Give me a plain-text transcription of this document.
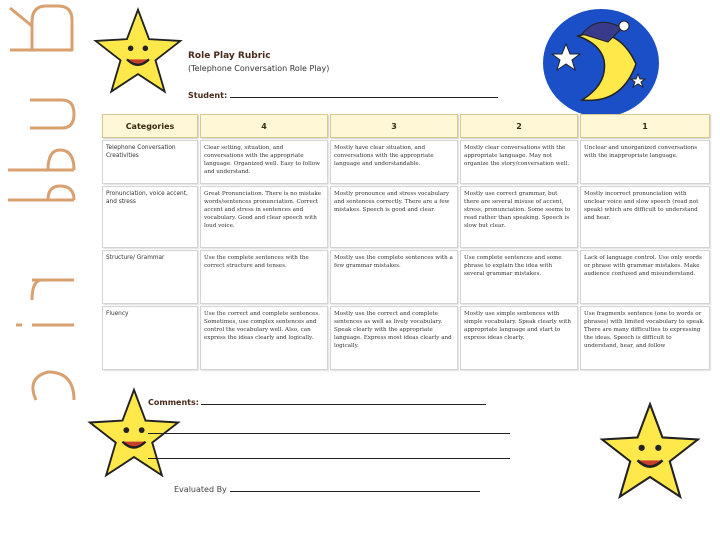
Role Play Rubric
(Telephone Conversation Role Play)
Student:
Categories	4	3	2	1
Telephone Conversation Creativities	Clear setting, situation, and conversations with the appropriate language. Organized well. Easy to follow and understand.	Mostly have clear situation, and conversations with the appropriate language and understandable.	Mostly clear conversations with the appropriate language. May not organize the story/conversation well.	Unclear and unorganized conversations with the inappropriate language.
Pronunciation, voice accent, and stress	Great Pronunciation. There is no mistake words/sentences pronunciation. Correct accent and stress in sentences and vocabulary. Good and clear speech with loud voice.	Mostly pronounce and stress vocabulary and sentences correctly. There are a few mistakes. Speech is good and clear.	Mostly use correct grammar, but there are several misuse of accent, stress, pronunciation. Some seems to read rather than speaking. Speech is slow but clear.	Mostly incorrect pronunciation with unclear voice and slow speech (read not speak) which are difficult to understand and hear.
Structure/ Grammar	Use the complete sentences with the correct structure and tenses.	Mostly use the complete sentences with a few grammar mistakes.	Use complete sentences and some phrase to explain the idea with several grammar mistakes.	Lack of language control. Use only words or phrase with grammar mistakes. Make audience confused and misunderstand.
Fluency	Use the correct and complete sentences. Sometimes, use complex sentences and control the vocabulary well. Also, can express the ideas clearly and logically.	Mostly use the correct and complete sentences as well as lively vocabulary. Speak clearly with the appropriate language. Express most ideas clearly and logically.	Mostly use simple sentences with simple vocabulary. Speak clearly with appropriate language and start to express ideas clearly.	Use fragments sentence (one to words or phrases) with limited vocabulary to speak. There are many difficulties to expressing the ideas. Speech is difficult to understand, hear, and follow
Comments:
Evaluated By
